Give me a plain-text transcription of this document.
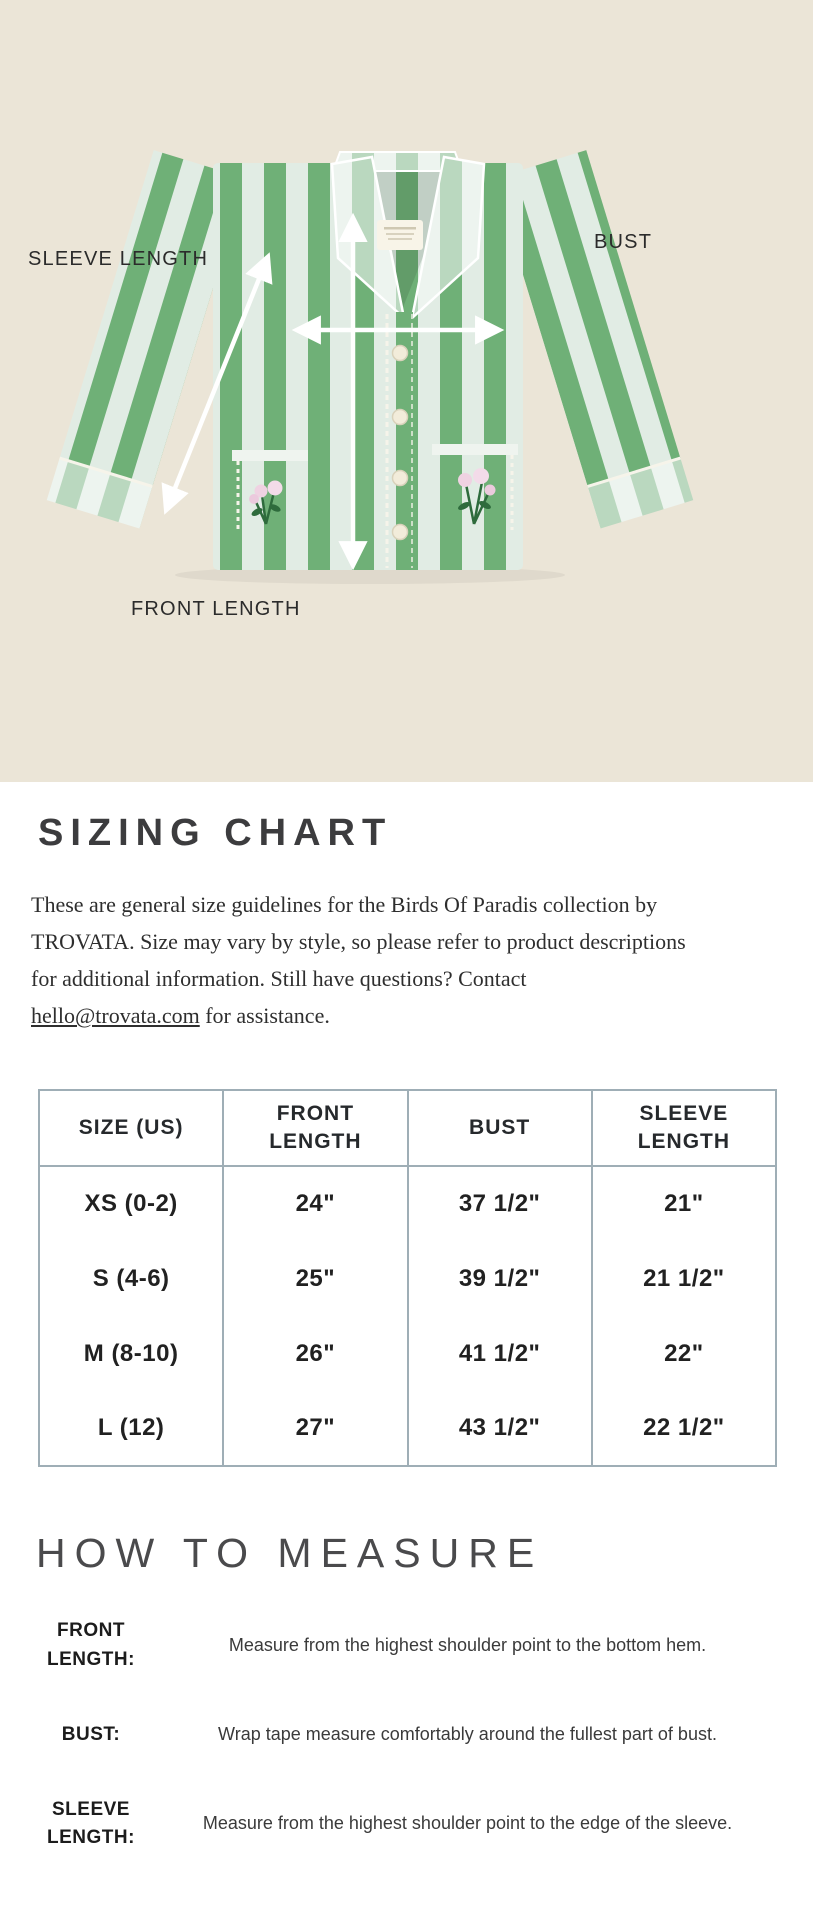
SLEEVE LENGTH
BUST
FRONT LENGTH
SIZING CHART

These are general size guidelines for the Birds Of Paradis collection by TROVATA. Size may vary by style, so please refer to product descriptions for additional information. Still have questions? Contact hello@trovata.com for assistance.

SIZE (US)	FRONT LENGTH	BUST	SLEEVE LENGTH
XS (0-2)	24"	37 1/2"	21"
S (4-6)	25"	39 1/2"	21 1/2"
M (8-10)	26"	41 1/2"	22"
L (12)	27"	43 1/2"	22 1/2"
HOW TO MEASURE
FRONT LENGTH:
Measure from the highest shoulder point to the bottom hem.
BUST:	Wrap tape measure comfortably around the fullest part of bust.
SLEEVE LENGTH:
Measure from the highest shoulder point to the edge of the sleeve.
